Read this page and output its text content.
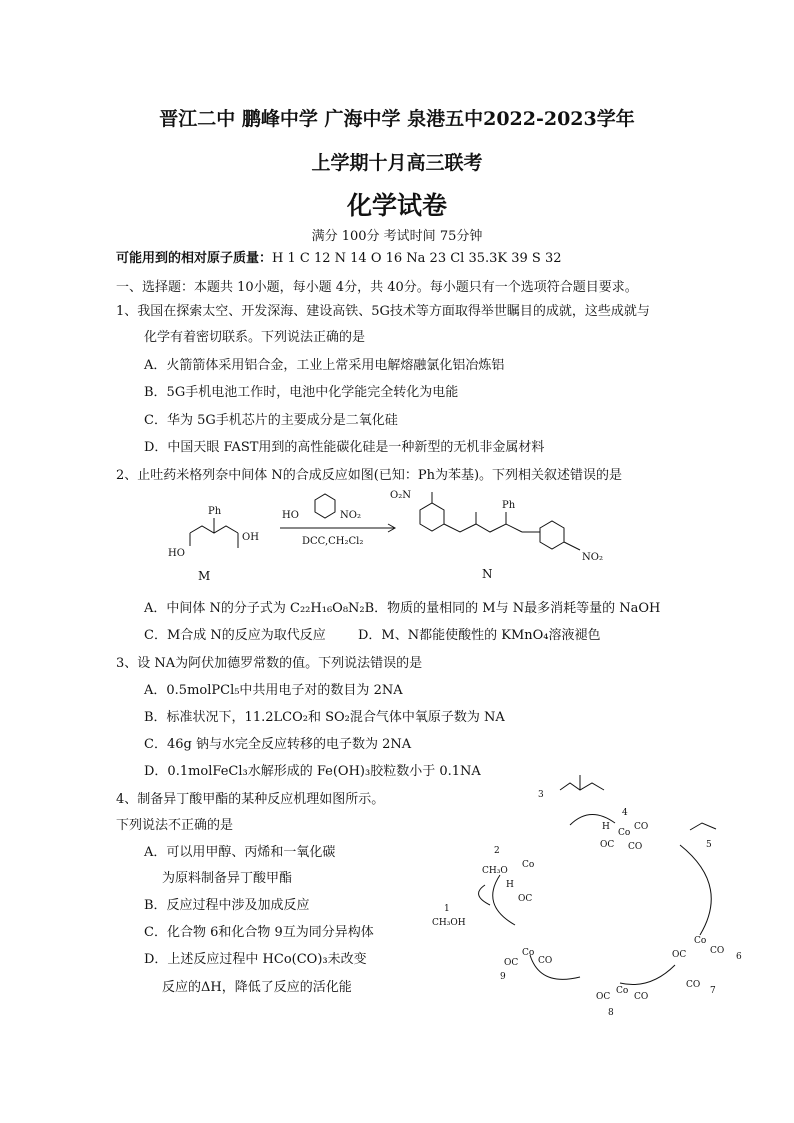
晋江二中 鹏峰中学 广海中学 泉港五中2022-2023学年
上学期十月高三联考
化学试卷
满分 100分 考试时间 75分钟
可能用到的相对原子质量：H 1 C 12 N 14 O 16 Na 23 Cl 35.3K 39 S 32
一、选择题：本题共 10小题，每小题 4分，共 40分。每小题只有一个选项符合题目要求。
1、我国在探索太空、开发深海、建设高铁、5G技术等方面取得举世瞩目的成就，这些成就与
化学有着密切联系。下列说法正确的是
A．火箭箭体采用铝合金，工业上常采用电解熔融氯化铝冶炼铝
B．5G手机电池工作时，电池中化学能完全转化为电能
C．华为 5G手机芯片的主要成分是二氧化硅
D．中国天眼 FAST用到的高性能碳化硅是一种新型的无机非金属材料
2、止吐药米格列奈中间体 N的合成反应如图(已知：Ph为苯基)。下列相关叙述错误的是
Ph
HO
OH
M
HO	NO₂
DCC,CH₂Cl₂
O₂N
Ph
NO₂
N
A．中间体 N的分子式为 C₂₂H₁₆O₈N₂B．物质的量相同的 M与 N最多消耗等量的 NaOH
C．M合成 N的反应为取代反应 D．M、N都能使酸性的 KMnO₄溶液褪色
3、设 NA为阿伏加德罗常数的值。下列说法错误的是
A．0.5molPCl₅中共用电子对的数目为 2NA
B．标准状况下，11.2LCO₂和 SO₂混合气体中氧原子数为 NA
C．46g 钠与水完全反应转移的电子数为 2NA
D．0.1molFeCl₃水解形成的 Fe(OH)₃胶粒数小于 0.1NA
4、制备异丁酸甲酯的某种反应机理如图所示。
下列说法不正确的是
A．可以用甲醇、丙烯和一氧化碳
为原料制备异丁酸甲酯
B．反应过程中涉及加成反应
C．化合物 6和化合物 9互为同分异构体
D．上述反应过程中 HCo(CO)₃未改变
反应的ΔH，降低了反应的活化能
3
4
H
Co
CO
OC CO	5
2
CH₃O
Co
H
OC
1
CH₃OH
Co
OC	CO
6
CO
7
Co
OC	CO
8
Co
OC CO
9
